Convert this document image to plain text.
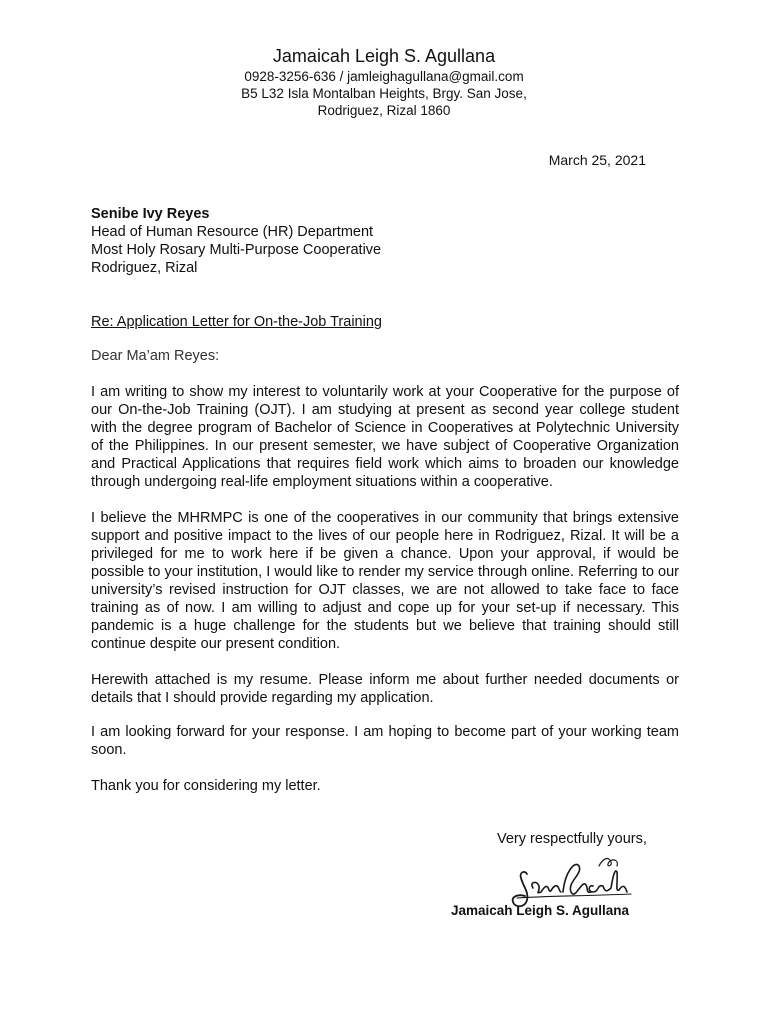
Jamaicah Leigh S. Agullana
0928-3256-636 / jamleighagullana@gmail.com
B5 L32 Isla Montalban Heights, Brgy. San Jose,
Rodriguez, Rizal 1860
March 25, 2021
Senibe Ivy Reyes
Head of Human Resource (HR) Department
Most Holy Rosary Multi-Purpose Cooperative
Rodriguez, Rizal
Re: Application Letter for On-the-Job Training
Dear Ma’am Reyes:

I am writing to show my interest to voluntarily work at your Cooperative for the purpose of our On-the-Job Training (OJT). I am studying at present as second year college student with the degree program of Bachelor of Science in Cooperatives at Polytechnic University of the Philippines. In our present semester, we have subject of Cooperative Organization and Practical Applications that requires field work which aims to broaden our knowledge through undergoing real-life employment situations within a cooperative.

I believe the MHRMPC is one of the cooperatives in our community that brings extensive support and positive impact to the lives of our people here in Rodriguez, Rizal. It will be a privileged for me to work here if be given a chance. Upon your approval, if would be possible to your institution, I would like to render my service through online. Referring to our university’s revised instruction for OJT classes, we are not allowed to take face to face training as of now. I am willing to adjust and cope up for your set-up if necessary. This pandemic is a huge challenge for the students but we believe that training should still continue despite our present condition.

Herewith attached is my resume. Please inform me about further needed documents or details that I should provide regarding my application.

I am looking forward for your response. I am hoping to become part of your working team soon.

Thank you for considering my letter.

Very respectfully yours,
Jamaicah Leigh S. Agullana
